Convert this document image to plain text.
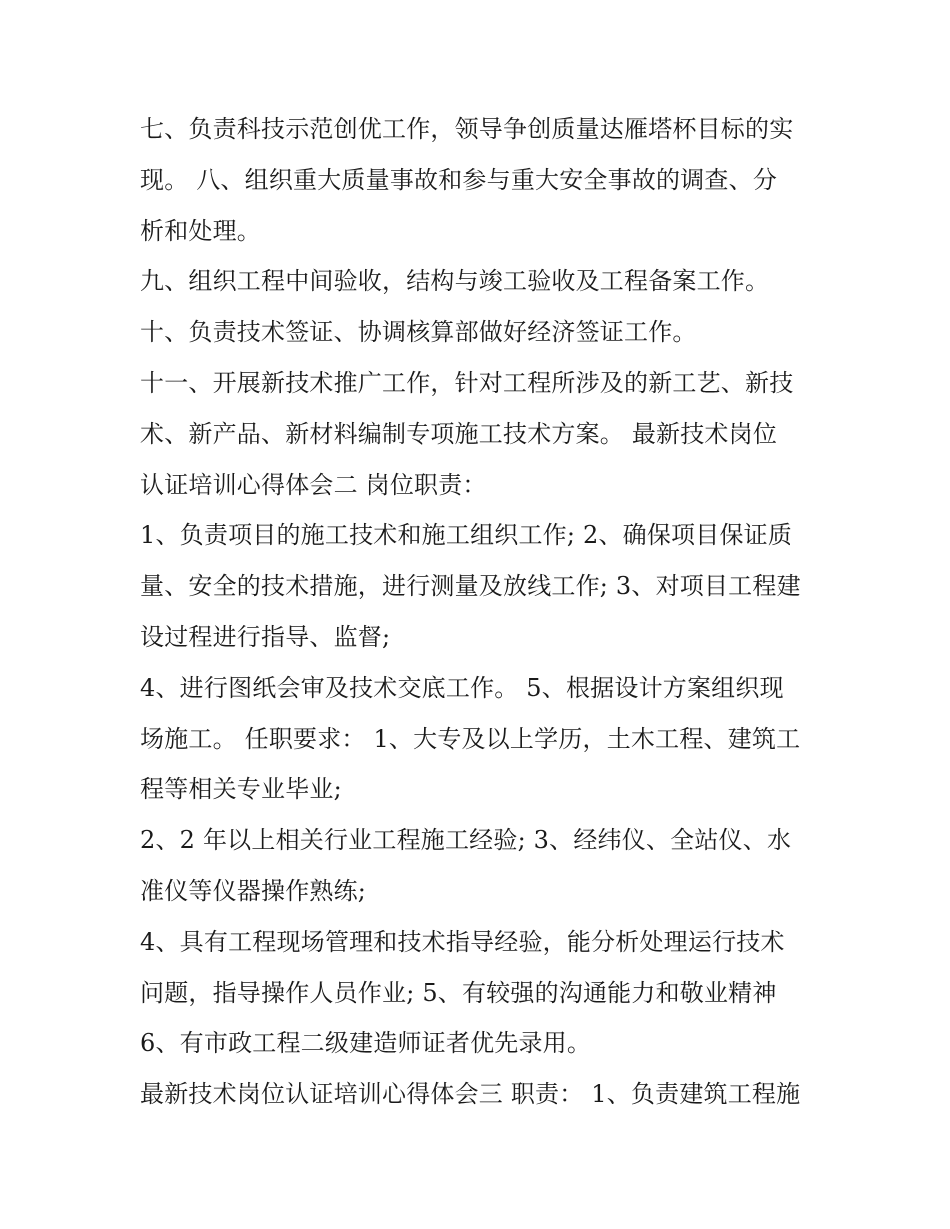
七、负责科技示范创优工作，领导争创质量达雁塔杯目标的实
现。 八、组织重大质量事故和参与重大安全事故的调查、分
析和处理。

九、组织工程中间验收，结构与竣工验收及工程备案工作。

十、负责技术签证、协调核算部做好经济签证工作。

十一、开展新技术推广工作，针对工程所涉及的新工艺、新技
术、新产品、新材料编制专项施工技术方案。 最新技术岗位
认证培训心得体会二 岗位职责：

1、负责项目的施工技术和施工组织工作; 2、确保项目保证质
量、安全的技术措施，进行测量及放线工作; 3、对项目工程建
设过程进行指导、监督;

4、进行图纸会审及技术交底工作。 5、根据设计方案组织现
场施工。 任职要求： 1、大专及以上学历，土木工程、建筑工
程等相关专业毕业;

2、2 年以上相关行业工程施工经验; 3、经纬仪、全站仪、水
准仪等仪器操作熟练;

4、具有工程现场管理和技术指导经验，能分析处理运行技术
问题，指导操作人员作业; 5、有较强的沟通能力和敬业精神

6、有市政工程二级建造师证者优先录用。

最新技术岗位认证培训心得体会三 职责： 1、负责建筑工程施
